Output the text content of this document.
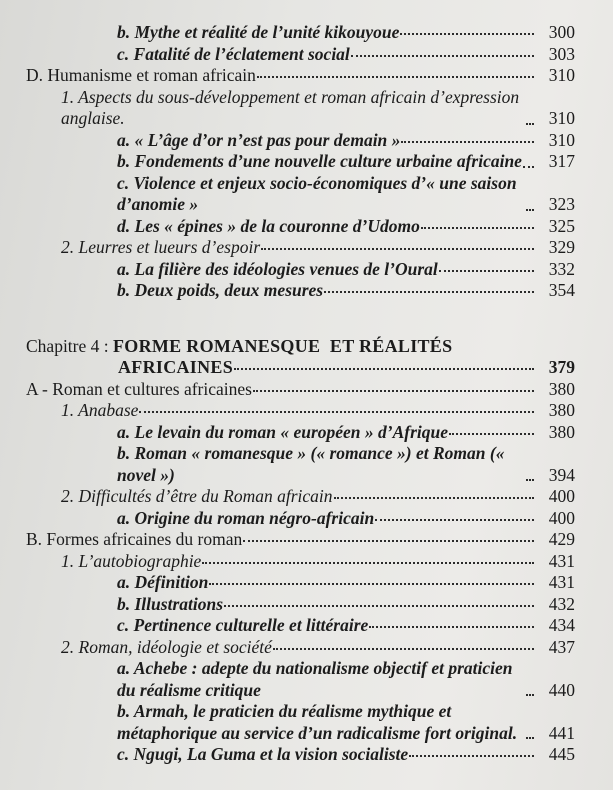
b. Mythe et réalité de l’unité kikouyoue	300
c. Fatalité de l’éclatement social	303
D. Humanisme et roman africain	310
1. Aspects du sous-développement et roman africain d’expression anglaise.	310
a. « L’âge d’or n’est pas pour demain »	310
b. Fondements d’une nouvelle culture urbaine africaine	317
c. Violence et enjeux socio-économiques d’« une saison d’anomie »	323
d. Les « épines » de la couronne d’Udomo	325
2. Leurres et lueurs d’espoir	329
a. La filière des idéologies venues de l’Oural	332
b. Deux poids, deux mesures	354
Chapitre 4 : FORME ROMANESQUE  ET RÉALITÉS
AFRICAINES	379
A - Roman et cultures africaines	380
1. Anabase	380
a. Le levain du roman « européen » d’Afrique	380
b. Roman « romanesque » (« romance ») et Roman (« novel »)	394
2. Difficultés d’être du Roman africain	400
a. Origine du roman négro-africain	400
B. Formes africaines du roman	429
1. L’autobiographie	431
a. Définition	431
b. Illustrations	432
c. Pertinence culturelle et littéraire	434
2. Roman, idéologie et société	437
a. Achebe : adepte du nationalisme objectif et praticien du réalisme critique	440
b. Armah, le praticien du réalisme mythique et métaphorique au service d’un radicalisme fort original.	441
c. Ngugi, La Guma et la vision socialiste	445
